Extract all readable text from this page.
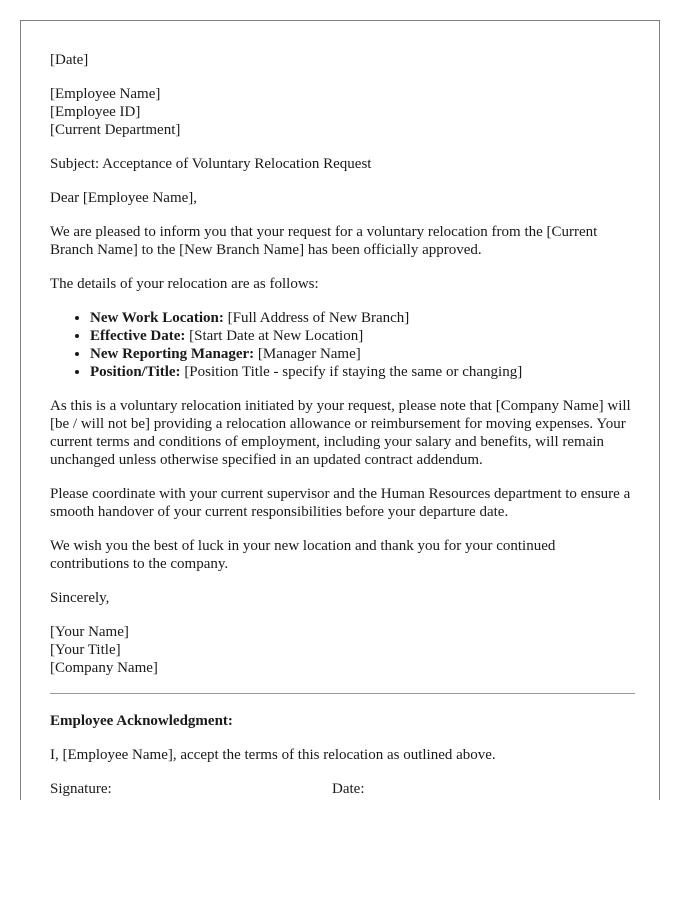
[Date]

[Employee Name]
[Employee ID]
[Current Department]

Subject: Acceptance of Voluntary Relocation Request

Dear [Employee Name],

We are pleased to inform you that your request for a voluntary relocation from the [Current Branch Name] to the [New Branch Name] has been officially approved.

The details of your relocation are as follows:

• New Work Location: [Full Address of New Branch]
• Effective Date: [Start Date at New Location]
• New Reporting Manager: [Manager Name]
• Position/Title: [Position Title - specify if staying the same or changing]

As this is a voluntary relocation initiated by your request, please note that [Company Name] will [be / will not be] providing a relocation allowance or reimbursement for moving expenses. Your current terms and conditions of employment, including your salary and benefits, will remain unchanged unless otherwise specified in an updated contract addendum.

Please coordinate with your current supervisor and the Human Resources department to ensure a smooth handover of your current responsibilities before your departure date.

We wish you the best of luck in your new location and thank you for your continued contributions to the company.

Sincerely,

[Your Name]
[Your Title]
[Company Name]

Employee Acknowledgment:

I, [Employee Name], accept the terms of this relocation as outlined above.

Signature:	Date:
